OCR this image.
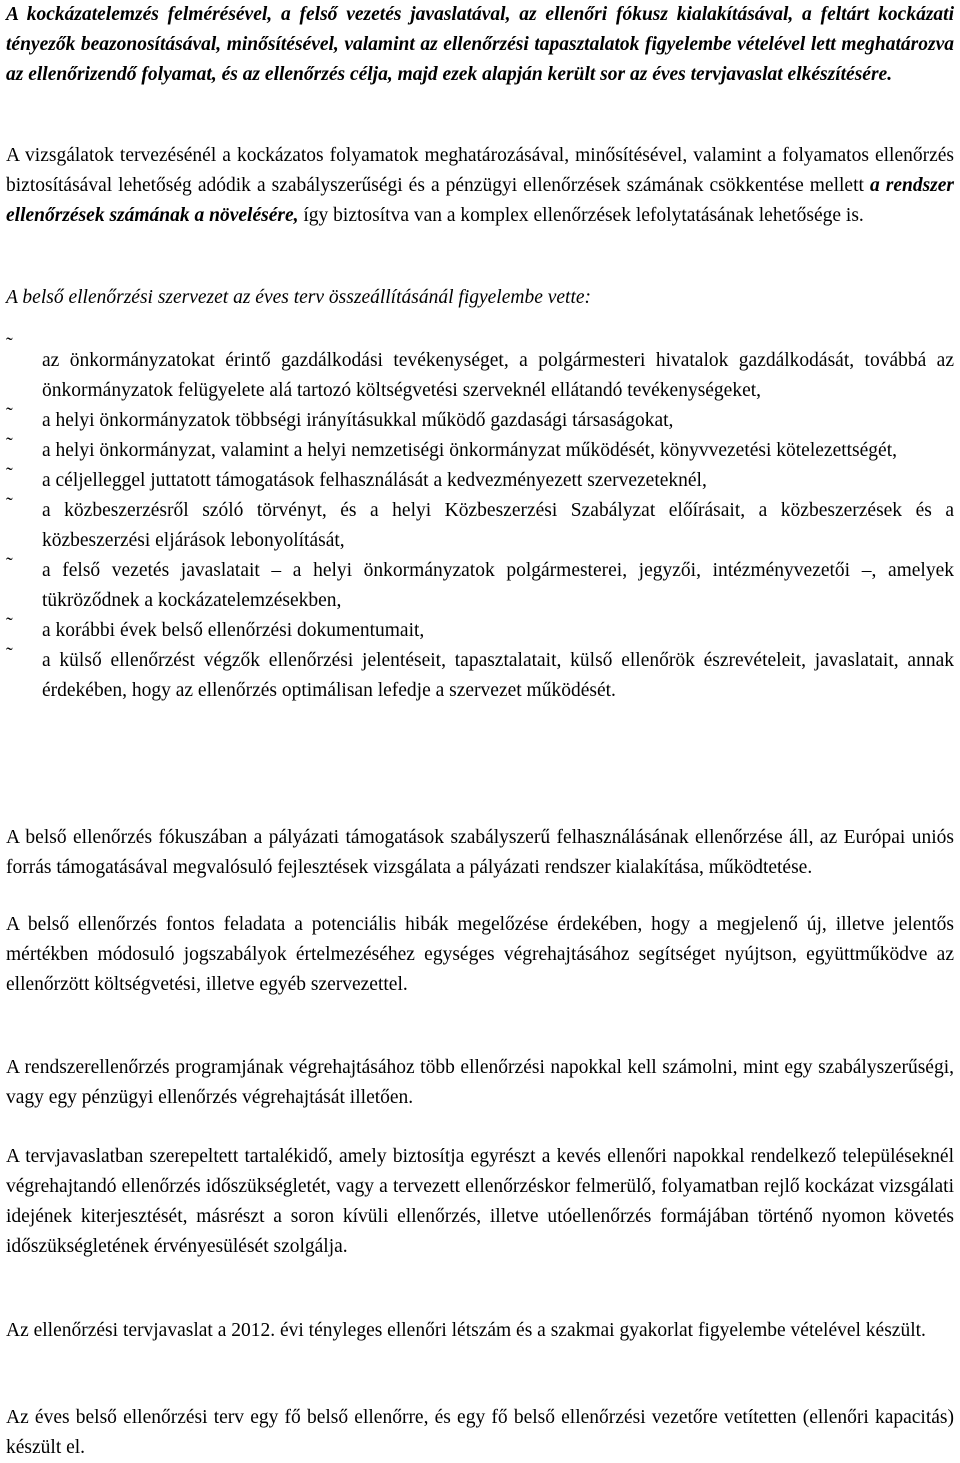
A kockázatelemzés felmérésével, a felső vezetés javaslatával, az ellenőri fókusz kialakításával, a feltárt kockázati tényezők beazonosításával, minősítésével, valamint az ellenőrzési tapasztalatok figyelembe vételével lett meghatározva az ellenőrizendő folyamat, és az ellenőrzés célja, majd ezek alapján került sor az éves tervjavaslat elkészítésére.

A vizsgálatok tervezésénél a kockázatos folyamatok meghatározásával, minősítésével, valamint a folyamatos ellenőrzés biztosításával lehetőség adódik a szabályszerűségi és a pénzügyi ellenőrzések számának csökkentése mellett a rendszer ellenőrzések számának a növelésére, így biztosítva van a komplex ellenőrzések lefolytatásának lehetősége is.

A belső ellenőrzési szervezet az éves terv összeállításánál figyelembe vette:

˜
az önkormányzatokat érintő gazdálkodási tevékenységet, a polgármesteri hivatalok gazdálkodását, továbbá az önkormányzatok felügyelete alá tartozó költségvetési szerveknél ellátandó tevékenységeket,
˜ a helyi önkormányzatok többségi irányításukkal működő gazdasági társaságokat,
˜ a helyi önkormányzat, valamint a helyi nemzetiségi önkormányzat működését, könyvvezetési kötelezettségét,
˜ a céljelleggel juttatott támogatások felhasználását a kedvezményezett szervezeteknél,
˜ a közbeszerzésről szóló törvényt, és a helyi Közbeszerzési Szabályzat előírásait, a közbeszerzések és a közbeszerzési eljárások lebonyolítását,
˜ a felső vezetés javaslatait – a helyi önkormányzatok polgármesterei, jegyzői, intézményvezetői –, amelyek tükröződnek a kockázatelemzésekben,
˜ a korábbi évek belső ellenőrzési dokumentumait,
˜ a külső ellenőrzést végzők ellenőrzési jelentéseit, tapasztalatait, külső ellenőrök észrevételeit, javaslatait, annak érdekében, hogy az ellenőrzés optimálisan lefedje a szervezet működését.

A belső ellenőrzés fókuszában a pályázati támogatások szabályszerű felhasználásának ellenőrzése áll, az Európai uniós forrás támogatásával megvalósuló fejlesztések vizsgálata a pályázati rendszer kialakítása, működtetése.

A belső ellenőrzés fontos feladata a potenciális hibák megelőzése érdekében, hogy a megjelenő új, illetve jelentős mértékben módosuló jogszabályok értelmezéséhez egységes végrehajtásához segítséget nyújtson, együttműködve az ellenőrzött költségvetési, illetve egyéb szervezettel.

A rendszerellenőrzés programjának végrehajtásához több ellenőrzési napokkal kell számolni, mint egy szabályszerűségi, vagy egy pénzügyi ellenőrzés végrehajtását illetően.

A tervjavaslatban szerepeltett tartalékidő, amely biztosítja egyrészt a kevés ellenőri napokkal rendelkező településeknél végrehajtandó ellenőrzés időszükségletét, vagy a tervezett ellenőrzéskor felmerülő, folyamatban rejlő kockázat vizsgálati idejének kiterjesztését, másrészt a soron kívüli ellenőrzés, illetve utóellenőrzés formájában történő nyomon követés időszükségletének érvényesülését szolgálja.

Az ellenőrzési tervjavaslat a 2012. évi tényleges ellenőri létszám és a szakmai gyakorlat figyelembe vételével készült.

Az éves belső ellenőrzési terv egy fő belső ellenőrre, és egy fő belső ellenőrzési vezetőre vetítetten (ellenőri kapacitás) készült el.
